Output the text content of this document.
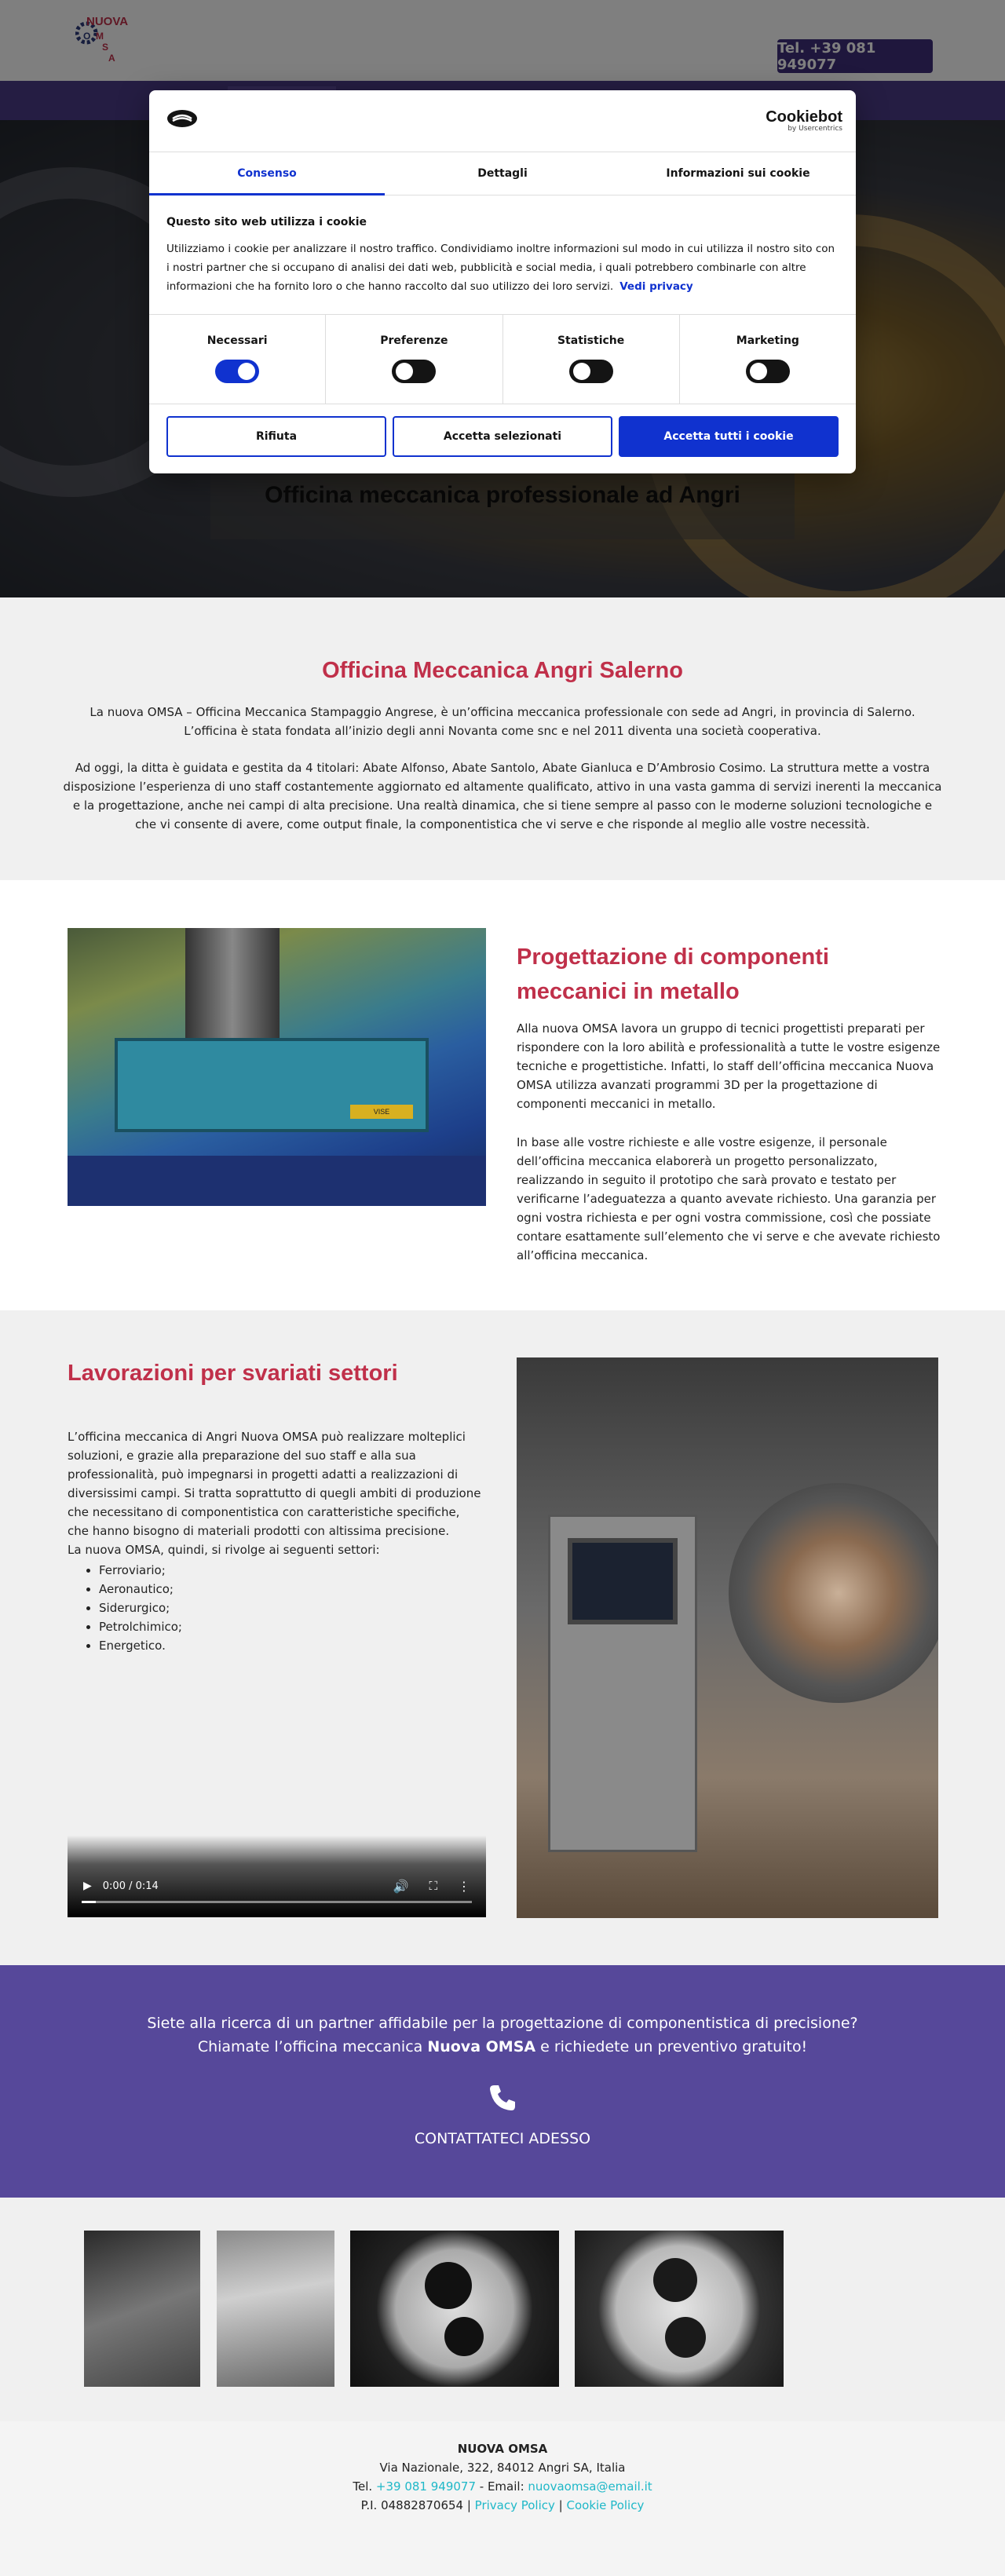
Cookiebot
by Usercentrics
Consenso	Dettagli	Informazioni sui cookie
Questo sito web utilizza i cookie
Utilizziamo i cookie per analizzare il nostro traffico. Condividiamo inoltre informazioni sul modo in cui utilizza il nostro sito con i nostri partner che si occupano di analisi dei dati web, pubblicità e social media, i quali potrebbero combinarle con altre informazioni che ha fornito loro o che hanno raccolto dal suo utilizzo dei loro servizi. Vedi privacy
Necessari	Preferenze	Statistiche	Marketing
Rifiuta	Accetta selezionati	Accetta tutti i cookie
Officina Meccanica Angri Salerno

La nuova OMSA – Officina Meccanica Stampaggio Angrese, è un’officina meccanica professionale con sede ad Angri, in provincia di Salerno. L’officina è stata fondata all’inizio degli anni Novanta come snc e nel 2011 diventa una società cooperativa.

Ad oggi, la ditta è guidata e gestita da 4 titolari: Abate Alfonso, Abate Santolo, Abate Gianluca e D’Ambrosio Cosimo. La struttura mette a vostra disposizione l’esperienza di uno staff costantemente aggiornato ed altamente qualificato, attivo in una vasta gamma di servizi inerenti la meccanica e la progettazione, anche nei campi di alta precisione. Una realtà dinamica, che si tiene sempre al passo con le moderne soluzioni tecnologiche e che vi consente di avere, come output finale, la componentistica che vi serve e che risponde al meglio alle vostre necessità.

VISE
Progettazione di componenti meccanici in metallo

Alla nuova OMSA lavora un gruppo di tecnici progettisti preparati per rispondere con la loro abilità e professionalità a tutte le vostre esigenze tecniche e progettistiche. Infatti, lo staff dell’officina meccanica Nuova OMSA utilizza avanzati programmi 3D per la progettazione di componenti meccanici in metallo.

In base alle vostre richieste e alle vostre esigenze, il personale dell’officina meccanica elaborerà un progetto personalizzato, realizzando in seguito il prototipo che sarà provato e testato per verificarne l’adeguatezza a quanto avevate richiesto. Una garanzia per ogni vostra richiesta e per ogni vostra commissione, così che possiate contare esattamente sull’elemento che vi serve e che avevate richiesto all’officina meccanica.

Lavorazioni per svariati settori
L’officina meccanica di Angri Nuova OMSA può realizzare molteplici soluzioni, e grazie alla preparazione del suo staff e alla sua professionalità, può impegnarsi in progetti adatti a realizzazioni di diversissimi campi. Si tratta soprattutto di quegli ambiti di produzione che necessitano di componentistica con caratteristiche specifiche, che hanno bisogno di materiali prodotti con altissima precisione.
La nuova OMSA, quindi, si rivolge ai seguenti settori:
• Ferroviario;
• Aeronautico;
• Siderurgico;
• Petrolchimico;
• Energetico.
▶ 0:00 / 0:14	🔊 ⛶ ⋮

Siete alla ricerca di un partner affidabile per la progettazione di componentistica di precisione? Chiamate l’officina meccanica Nuova OMSA e richiedete un preventivo gratuito!

CONTATTATECI ADESSO
NUOVA OMSA
Via Nazionale, 322, 84012 Angri SA, Italia
Tel. +39 081 949077 - Email: nuovaomsa@email.it
P.I. 04882870654 | Privacy Policy | Cookie Policy
